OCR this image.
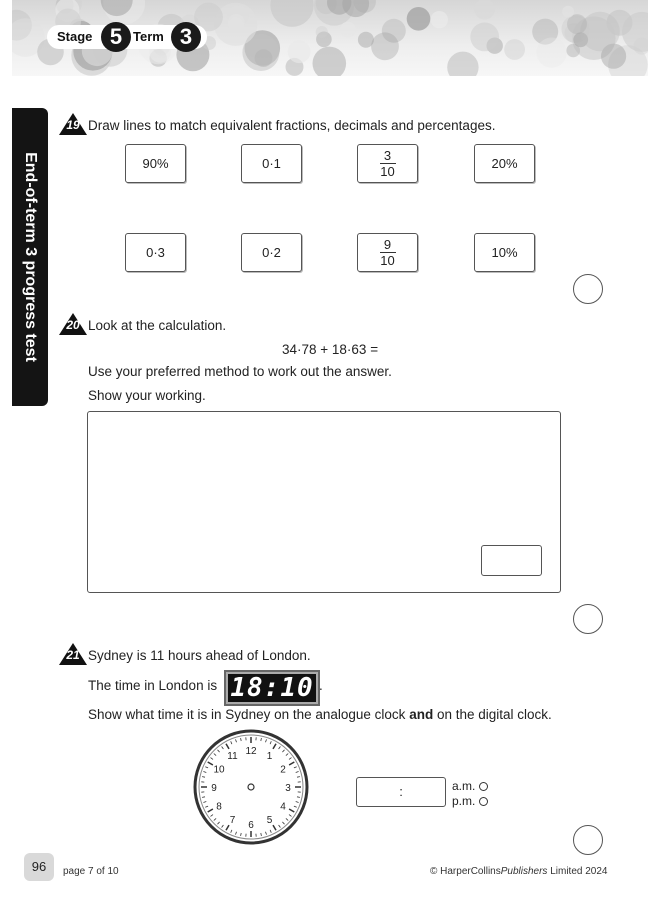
Stage 5 Term 3
End-of-term 3 progress test
19 Draw lines to match equivalent fractions, decimals and percentages.
20 Look at the calculation.
34·78 + 18·63 =
Use your preferred method to work out the answer.
Show your working.
21 Sydney is 11 hours ahead of London.
The time in London is 18:10 .
Show what time it is in Sydney on the analogue clock and on the digital clock.
12 1
2
3
4
5
6
7
8
9
10
11
:	a.m.
p.m.
96	page 7 of 10	© HarperCollinsPublishers Limited 2024
90%	0·1	$\frac{3}{10}$	20%
0·3	0·2	$\frac{9}{10}$	10%
